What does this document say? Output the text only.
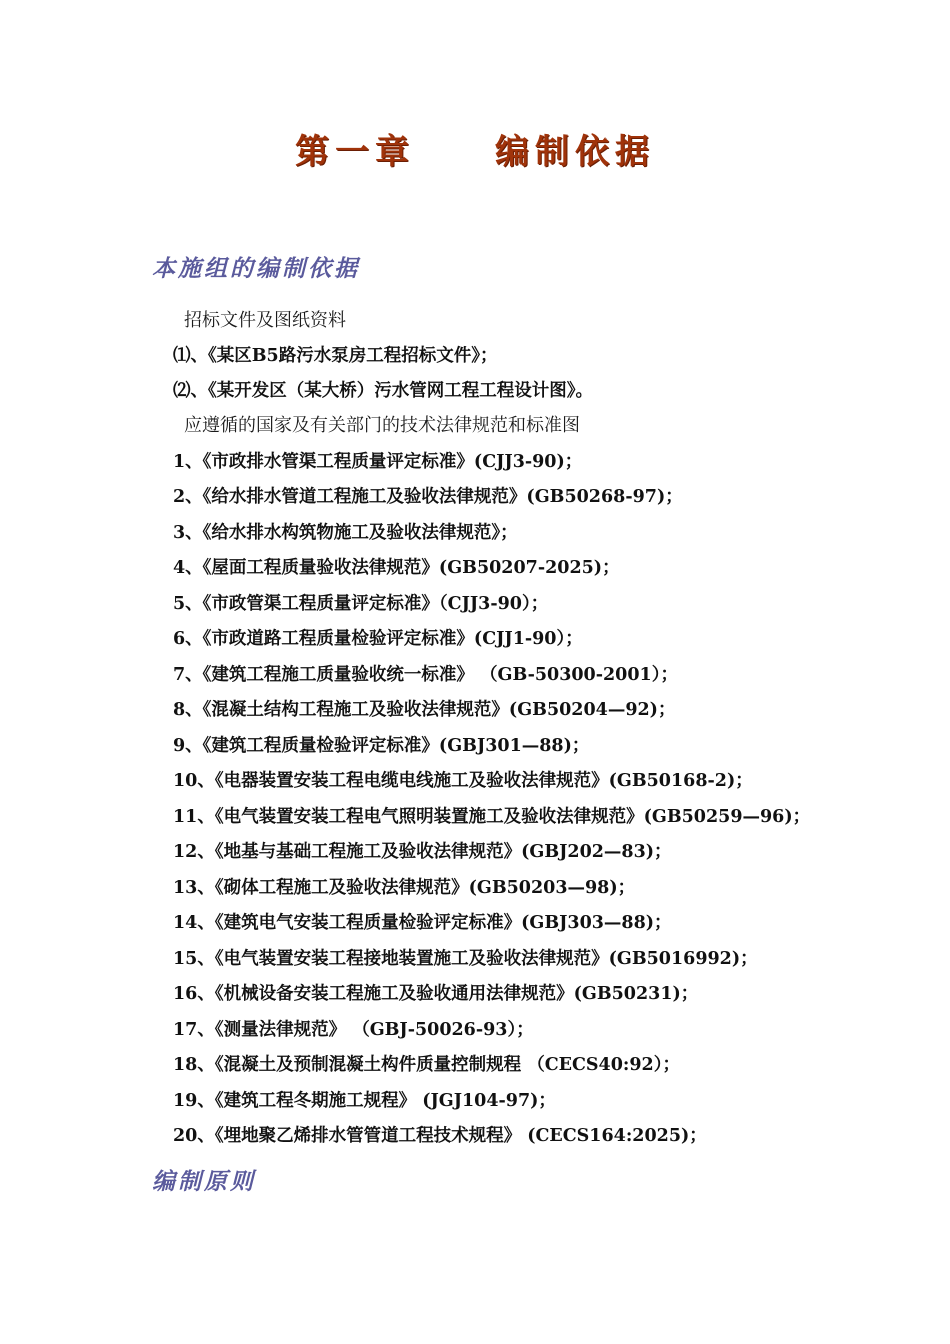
第一章　　编制依据
本施组的编制依据
招标文件及图纸资料
⑴、《某区B5路污水泵房工程招标文件》；
⑵、《某开发区（某大桥）污水管网工程工程设计图》。
应遵循的国家及有关部门的技术法律规范和标准图
1、《市政排水管渠工程质量评定标准》(CJJ3-90)；
2、《给水排水管道工程施工及验收法律规范》(GB50268-97)；
3、《给水排水构筑物施工及验收法律规范》；
4、《屋面工程质量验收法律规范》(GB50207-2025)；
5、《市政管渠工程质量评定标准》（CJJ3-90）；
6、《市政道路工程质量检验评定标准》(CJJ1-90）；
7、《建筑工程施工质量验收统一标准》 （GB-50300-2001）；
8、《混凝土结构工程施工及验收法律规范》(GB50204—92)；
9、《建筑工程质量检验评定标准》(GBJ301—88)；
10、《电器装置安装工程电缆电线施工及验收法律规范》(GB50168-2)；
11、《电气装置安装工程电气照明装置施工及验收法律规范》(GB50259—96)；
12、《地基与基础工程施工及验收法律规范》(GBJ202—83)；
13、《砌体工程施工及验收法律规范》(GB50203—98)；
14、《建筑电气安装工程质量检验评定标准》(GBJ303—88)；
15、《电气装置安装工程接地装置施工及验收法律规范》(GB5016992)；
16、《机械设备安装工程施工及验收通用法律规范》(GB50231)；
17、《测量法律规范》 （GBJ-50026-93）；
18、《混凝土及预制混凝土构件质量控制规程 （CECS40:92）；
19、《建筑工程冬期施工规程》 (JGJ104-97)；
20、《埋地聚乙烯排水管管道工程技术规程》 (CECS164:2025)；
编制原则
